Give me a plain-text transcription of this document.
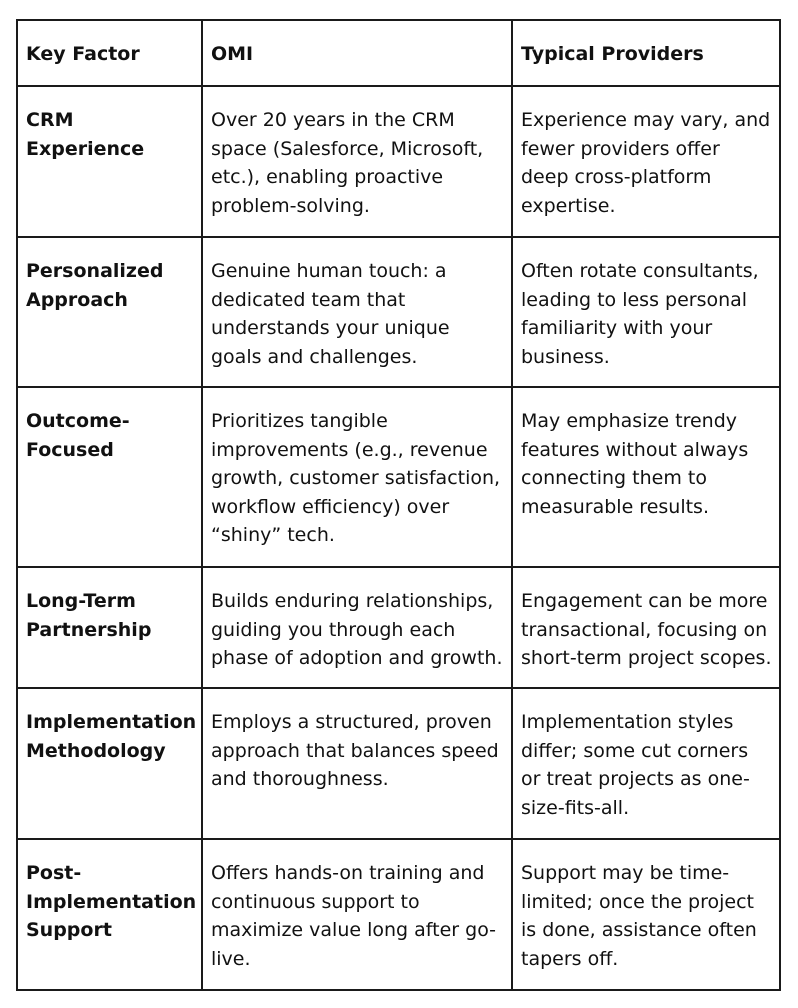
Key Factor	OMI	Typical Providers
CRM Experience	Over 20 years in the CRM space (Salesforce, Microsoft, etc.), enabling proactive problem-solving.	Experience may vary, and fewer providers offer deep cross-platform expertise.
Personalized Approach	Genuine human touch: a dedicated team that understands your unique goals and challenges.	Often rotate consultants, leading to less personal familiarity with your business.
Outcome-Focused	Prioritizes tangible improvements (e.g., revenue growth, customer satisfaction, workflow efficiency) over “shiny” tech.	May emphasize trendy features without always connecting them to measurable results.
Long-Term Partnership	Builds enduring relationships, guiding you through each phase of adoption and growth.	Engagement can be more transactional, focusing on short-term project scopes.
Implementation Methodology	Employs a structured, proven approach that balances speed and thoroughness.	Implementation styles differ; some cut corners or treat projects as one-size-fits-all.
Post-Implementation Support	Offers hands-on training and continuous support to maximize value long after go-live.	Support may be time-limited; once the project is done, assistance often tapers off.
